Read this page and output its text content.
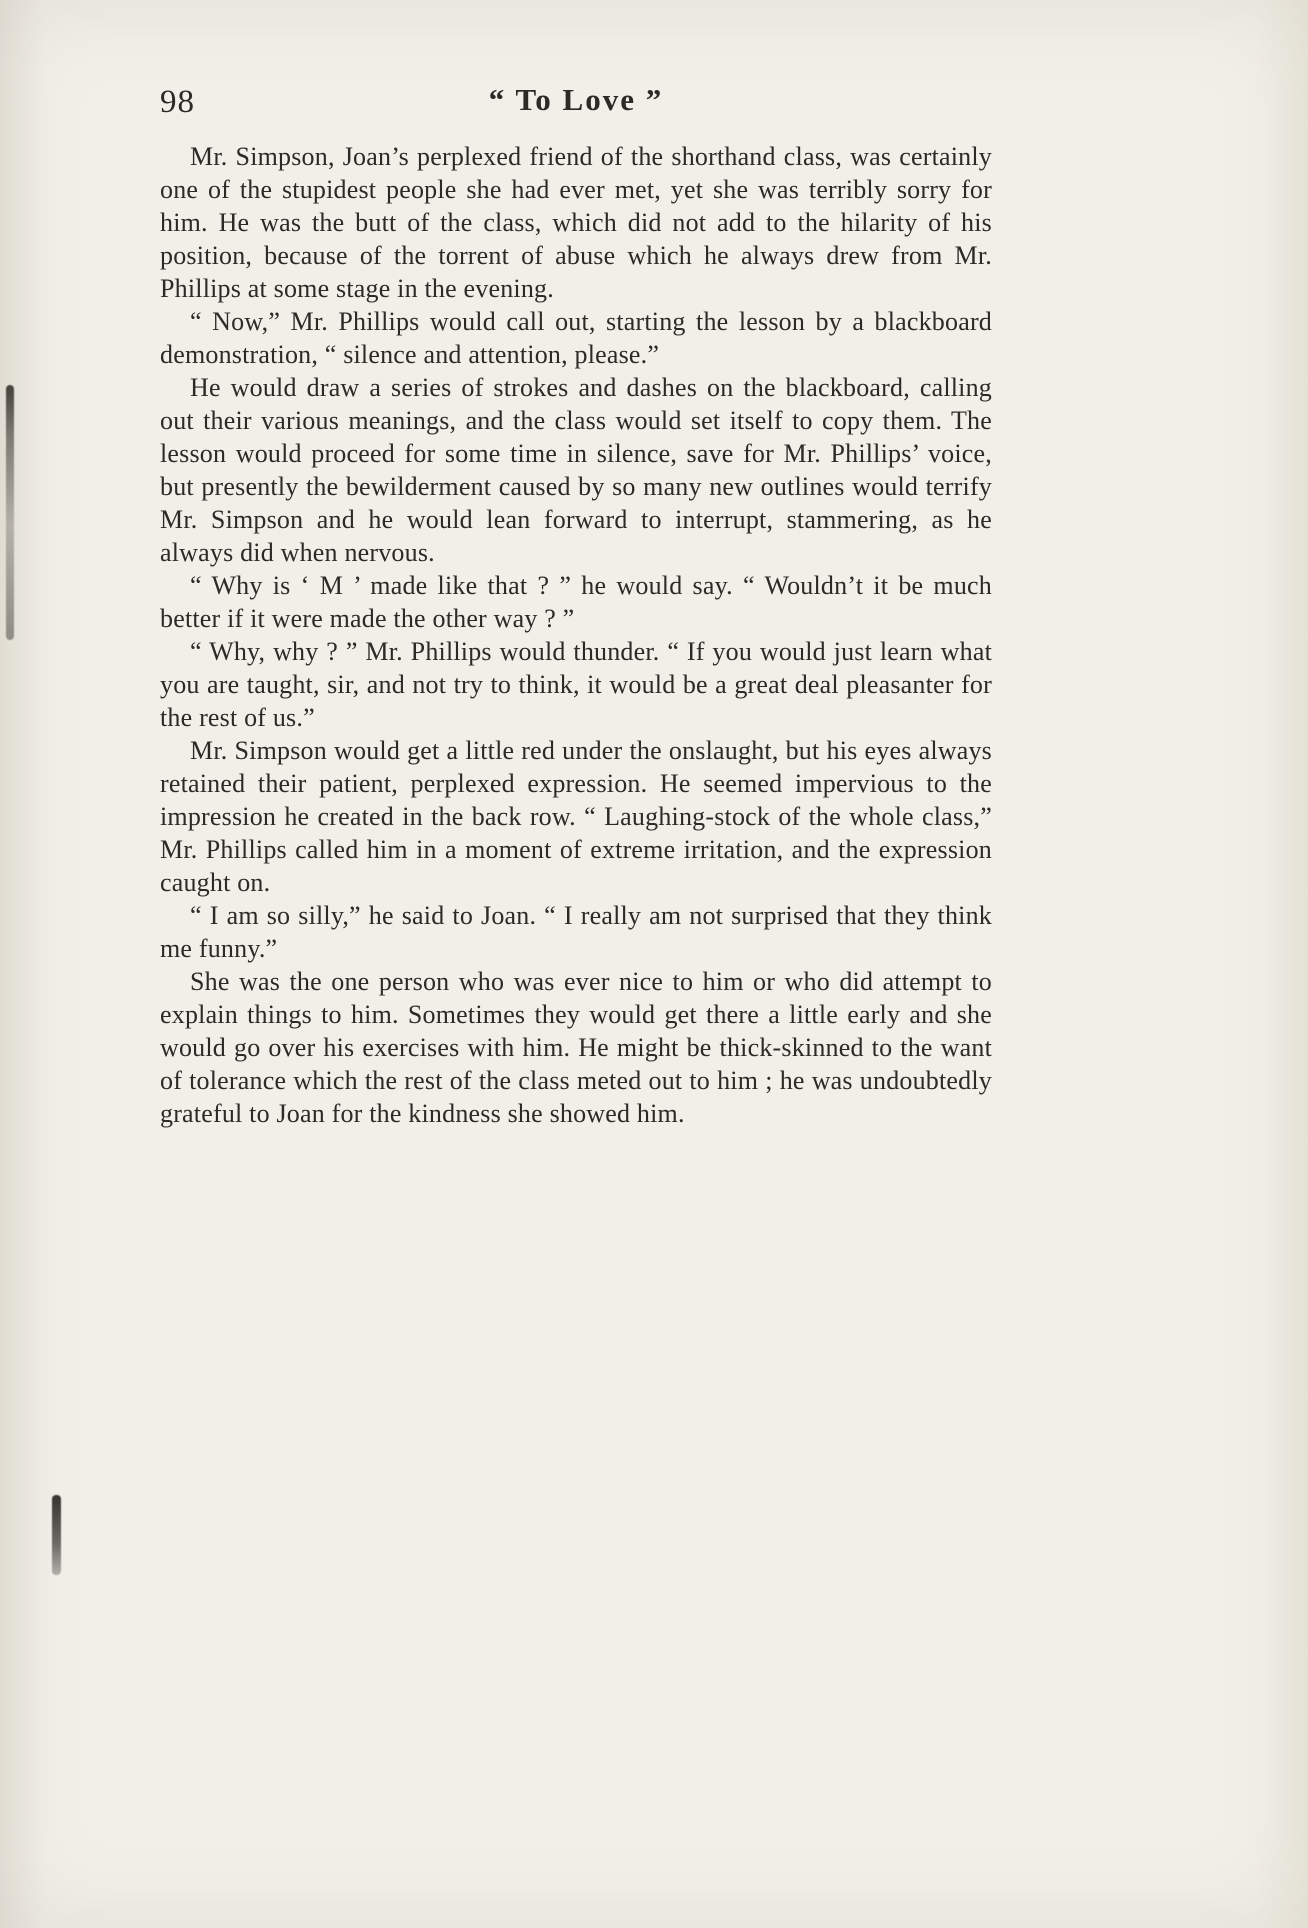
98	“ To Love ”

Mr. Simpson, Joan’s perplexed friend of the shorthand class, was certainly one of the stupidest people she had ever met, yet she was terribly sorry for him. He was the butt of the class, which did not add to the hilarity of his position, because of the torrent of abuse which he always drew from Mr. Phillips at some stage in the evening.

“ Now,” Mr. Phillips would call out, starting the lesson by a blackboard demonstration, “ silence and attention, please.”

He would draw a series of strokes and dashes on the blackboard, calling out their various meanings, and the class would set itself to copy them. The lesson would proceed for some time in silence, save for Mr. Phillips’ voice, but presently the bewilderment caused by so many new outlines would terrify Mr. Simpson and he would lean forward to interrupt, stammering, as he always did when nervous.

“ Why is ‘ M ’ made like that ? ” he would say. “ Wouldn’t it be much better if it were made the other way ? ”

“ Why, why ? ” Mr. Phillips would thunder. “ If you would just learn what you are taught, sir, and not try to think, it would be a great deal pleasanter for the rest of us.”

Mr. Simpson would get a little red under the onslaught, but his eyes always retained their patient, perplexed expression. He seemed impervious to the impression he created in the back row. “ Laughing-stock of the whole class,” Mr. Phillips called him in a moment of extreme irritation, and the expression caught on.

“ I am so silly,” he said to Joan. “ I really am not surprised that they think me funny.”

She was the one person who was ever nice to him or who did attempt to explain things to him. Sometimes they would get there a little early and she would go over his exercises with him. He might be thick-skinned to the want of tolerance which the rest of the class meted out to him ; he was undoubtedly grateful to Joan for the kindness she showed him.
